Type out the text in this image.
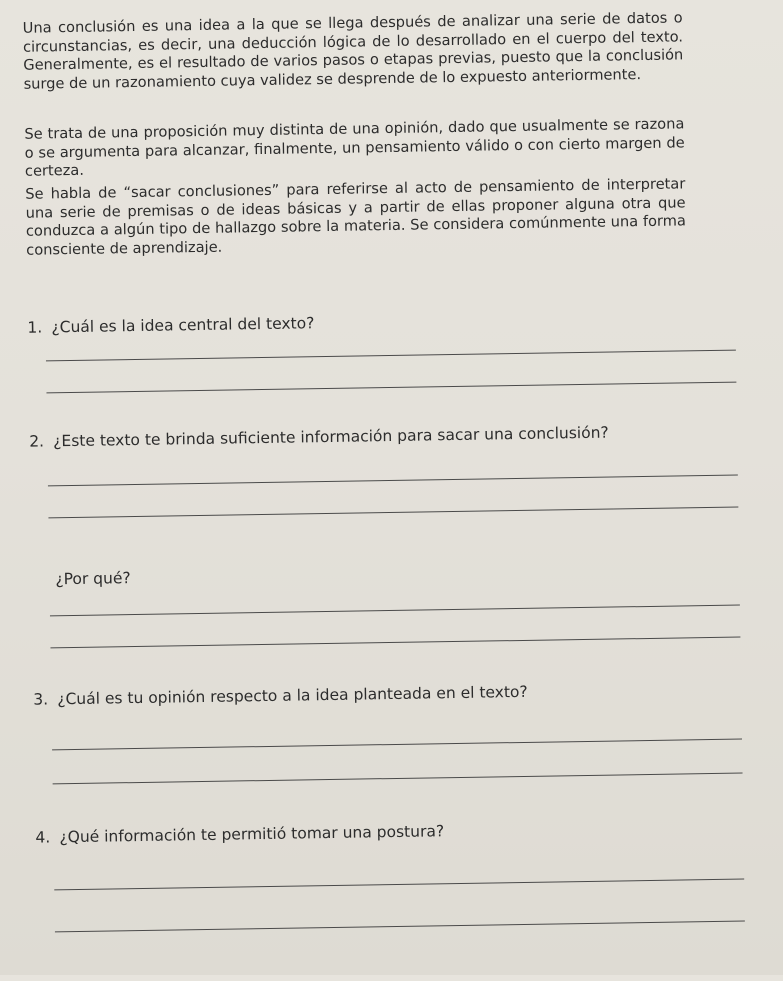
Una conclusión es una idea a la que se llega después de analizar una serie de datos o circunstancias, es decir, una deducción lógica de lo desarrollado en el cuerpo del texto. Generalmente, es el resultado de varios pasos o etapas previas, puesto que la conclusión surge de un razonamiento cuya validez se desprende de lo expuesto anteriormente.

Se trata de una proposición muy distinta de una opinión, dado que usualmente se razona o se argumenta para alcanzar, finalmente, un pensamiento válido o con cierto margen de certeza.

Se habla de “sacar conclusiones” para referirse al acto de pensamiento de interpretar una serie de premisas o de ideas básicas y a partir de ellas proponer alguna otra que conduzca a algún tipo de hallazgo sobre la materia. Se considera comúnmente una forma consciente de aprendizaje.

1. ¿Cuál es la idea central del texto?

2. ¿Este texto te brinda suficiente información para sacar una conclusión?

¿Por qué?

3. ¿Cuál es tu opinión respecto a la idea planteada en el texto?

4. ¿Qué información te permitió tomar una postura?
